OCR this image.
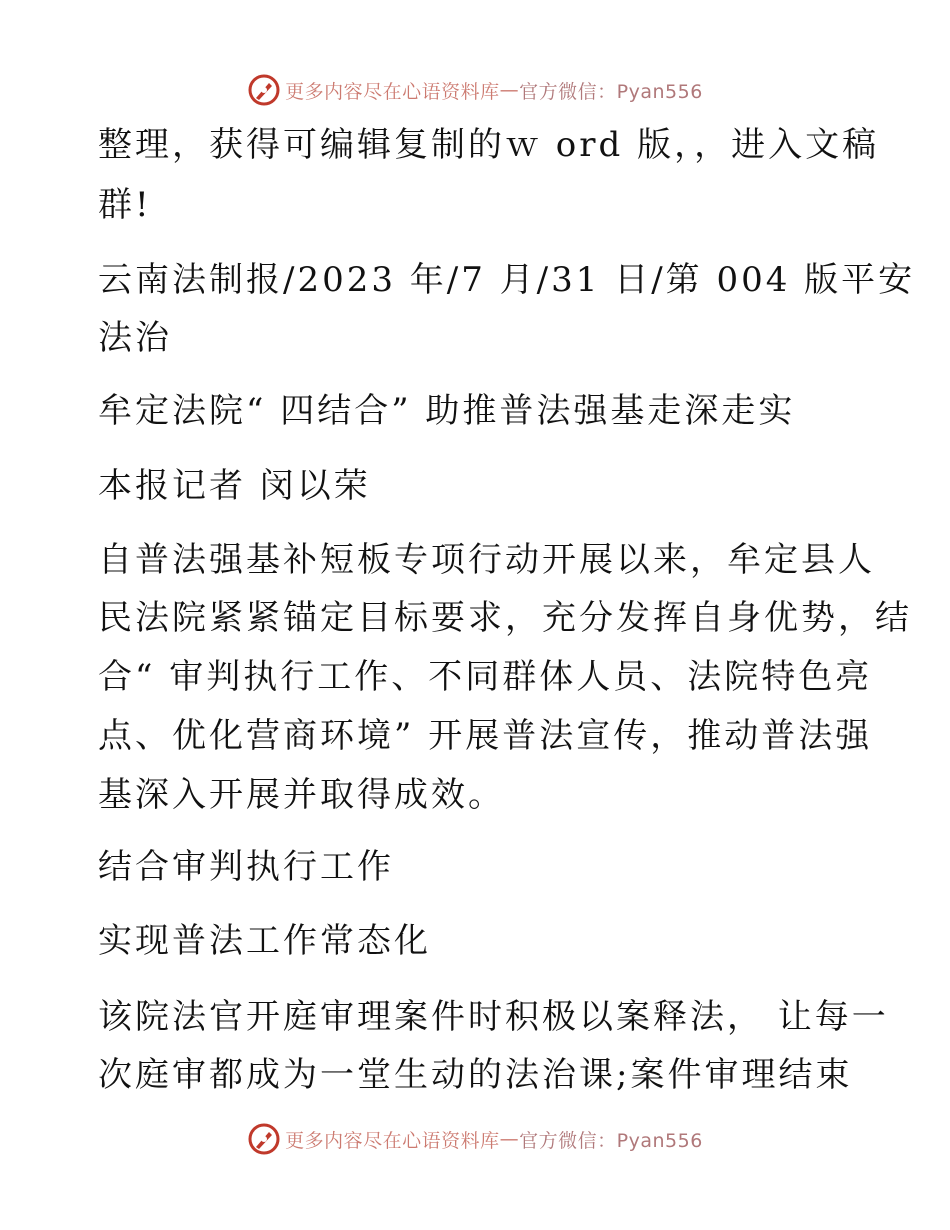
更多内容尽在心语资料库 — 官方微信：Pyan556
整理，获得可编辑复制的ｗ ord 版，，进入文稿
群!
云南法制报/2023 年/7 月/31 日/第 004 版平安
法治
牟定法院“ 四结合” 助推普法强基走深走实
本报记者 闵以荣
自普法强基补短板专项行动开展以来，牟定县人
民法院紧紧锚定目标要求，充分发挥自身优势，结
合“ 审判执行工作、不同群体人员、法院特色亮
点、优化营商环境” 开展普法宣传，推动普法强
基深入开展并取得成效。
结合审判执行工作
实现普法工作常态化
该院法官开庭审理案件时积极以案释法， 让每一
次庭审都成为一堂生动的法治课;案件审理结束
更多内容尽在心语资料库 — 官方微信：Pyan556
